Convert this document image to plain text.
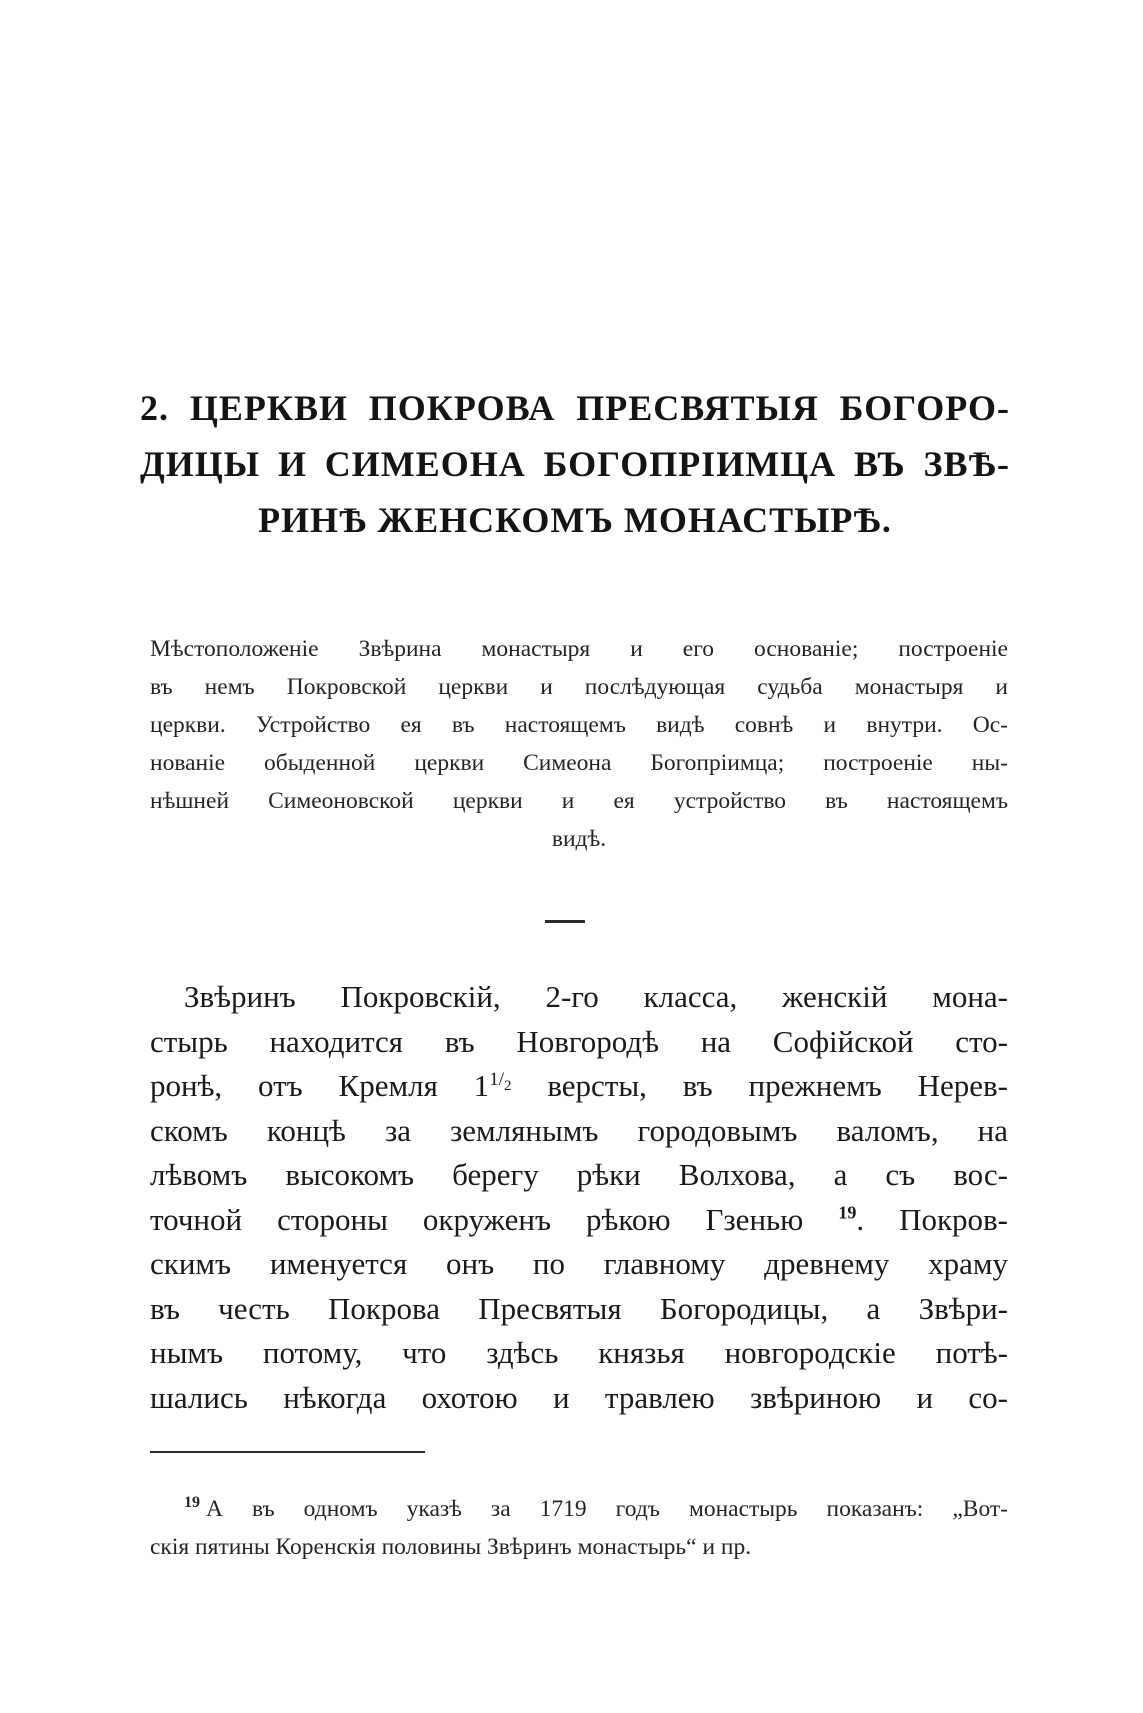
2. ЦЕРКВИ ПОКРОВА ПРЕСВЯТЫЯ БОГОРО-
ДИЦЫ И СИМЕОНА БОГОПРІИМЦА ВЪ ЗВѢ-
РИНѢ ЖЕНСКОМЪ МОНАСТЫРѢ.
Мѣстоположеніе Звѣрина монастыря и его основаніе; построеніе
въ немъ Покровской церкви и послѣдующая судьба монастыря и
церкви. Устройство ея въ настоящемъ видѣ совнѣ и внутри. Ос-
нованіе обыденной церкви Симеона Богопріимца; построеніе ны-
нѣшней Симеоновской церкви и ея устройство въ настоящемъ
видѣ.
Звѣринъ Покровскій, 2-го класса, женскій мона-
стырь находится въ Новгородѣ на Софійской сто-
ронѣ, отъ Кремля $1^{1/_2}$ версты, въ прежнемъ Нерев-
скомъ концѣ за землянымъ городовымъ валомъ, на
лѣвомъ высокомъ берегу рѣки Волхова, а съ вос-
точной стороны окруженъ рѣкою Гзенью $^{19}$. Покров-
скимъ именуется онъ по главному древнему храму
въ честь Покрова Пресвятыя Богородицы, а Звѣри-
нымъ потому, что здѣсь князья новгородскіе потѣ-
шались нѣкогда охотою и травлею звѣриною и со-
$^{19}$ А въ одномъ указѣ за 1719 годъ монастырь показанъ: „Вот-
скія пятины Коренскія половины Звѣринъ монастырь“ и пр.
